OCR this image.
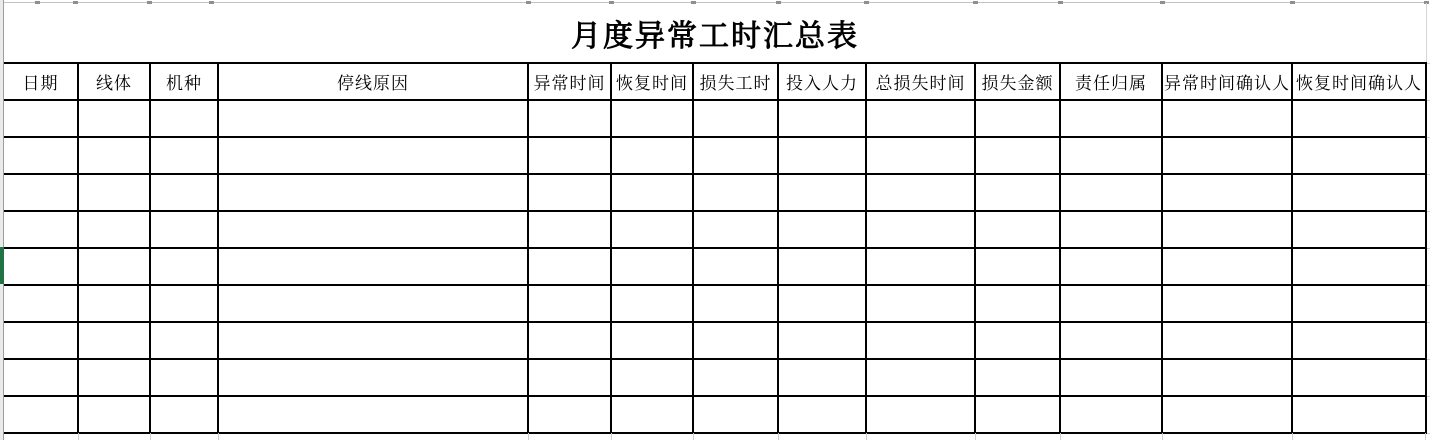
月度异常工时汇总表
日期	线体	机种	停线原因	异常时间	恢复时间	损失工时	投入人力	总损失时间	损失金额	责任归属	异常时间确认人	恢复时间确认人
